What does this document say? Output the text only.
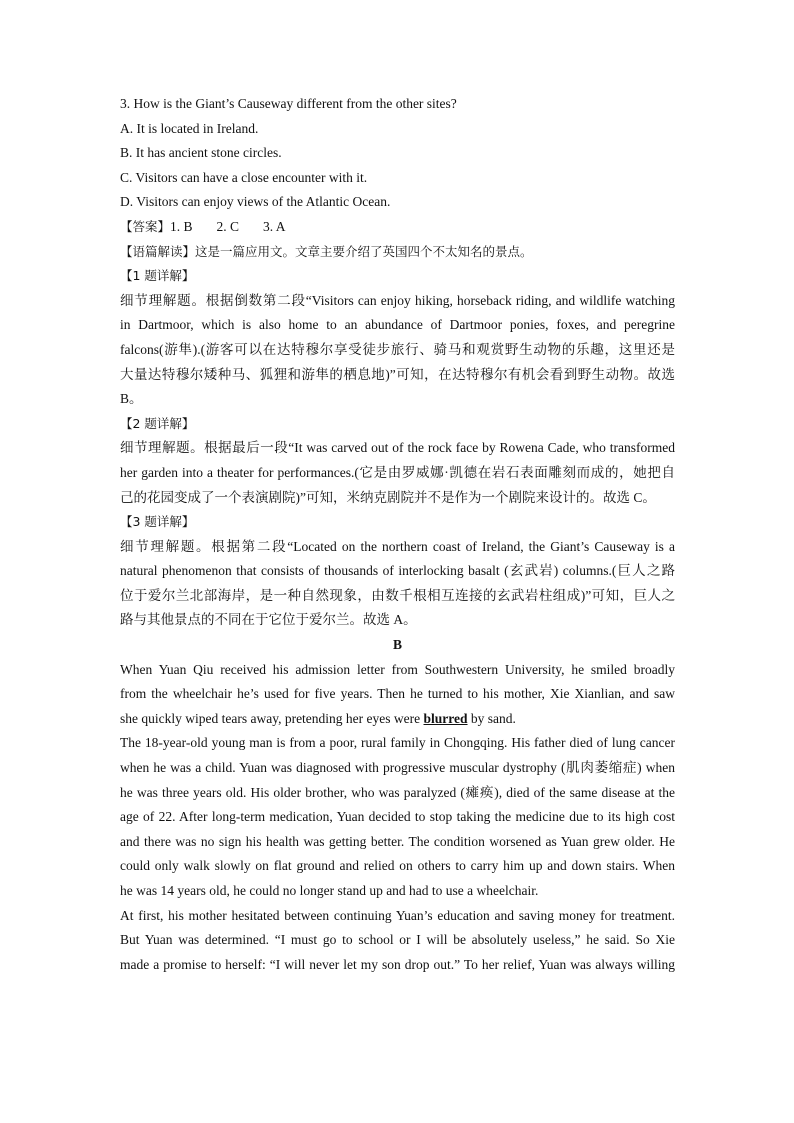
3. How is the Giant’s Causeway different from the other sites?
A. It is located in Ireland.
B. It has ancient stone circles.
C. Visitors can have a close encounter with it.
D. Visitors can enjoy views of the Atlantic Ocean.
【答案】1. B 2. C 3. A
【语篇解读】这是一篇应用文。文章主要介绍了英国四个不太知名的景点。
【1 题详解】
细节理解题。根据倒数第二段“Visitors can enjoy hiking, horseback riding, and wildlife watching
in Dartmoor, which is also home to an abundance of Dartmoor ponies, foxes, and peregrine
falcons(游隼).(游客可以在达特穆尔享受徒步旅行、骑马和观赏野生动物的乐趣，这里还是
大量达特穆尔矮种马、狐狸和游隼的栖息地)”可知，在达特穆尔有机会看到野生动物。故选
B。
【2 题详解】
细节理解题。根据最后一段“It was carved out of the rock face by Rowena Cade, who transformed
her garden into a theater for performances.(它是由罗威娜·凯德在岩石表面雕刻而成的，她把自
己的花园变成了一个表演剧院)”可知，米纳克剧院并不是作为一个剧院来设计的。故选 C。
【3 题详解】
细节理解题。根据第二段“Located on the northern coast of Ireland, the Giant’s Causeway is a
natural phenomenon that consists of thousands of interlocking basalt (玄武岩) columns.(巨人之路
位于爱尔兰北部海岸，是一种自然现象，由数千根相互连接的玄武岩柱组成)”可知，巨人之
路与其他景点的不同在于它位于爱尔兰。故选 A。
B
When Yuan Qiu received his admission letter from Southwestern University, he smiled broadly
from the wheelchair he’s used for five years. Then he turned to his mother, Xie Xianlian, and saw
she quickly wiped tears away, pretending her eyes were blurred by sand.
The 18-year-old young man is from a poor, rural family in Chongqing. His father died of lung cancer
when he was a child. Yuan was diagnosed with progressive muscular dystrophy (肌肉萎缩症) when
he was three years old. His older brother, who was paralyzed (瘫痪), died of the same disease at the
age of 22. After long-term medication, Yuan decided to stop taking the medicine due to its high cost
and there was no sign his health was getting better. The condition worsened as Yuan grew older. He
could only walk slowly on flat ground and relied on others to carry him up and down stairs. When
he was 14 years old, he could no longer stand up and had to use a wheelchair.
At first, his mother hesitated between continuing Yuan’s education and saving money for treatment.
But Yuan was determined. “I must go to school or I will be absolutely useless,” he said. So Xie
made a promise to herself: “I will never let my son drop out.” To her relief, Yuan was always willing
